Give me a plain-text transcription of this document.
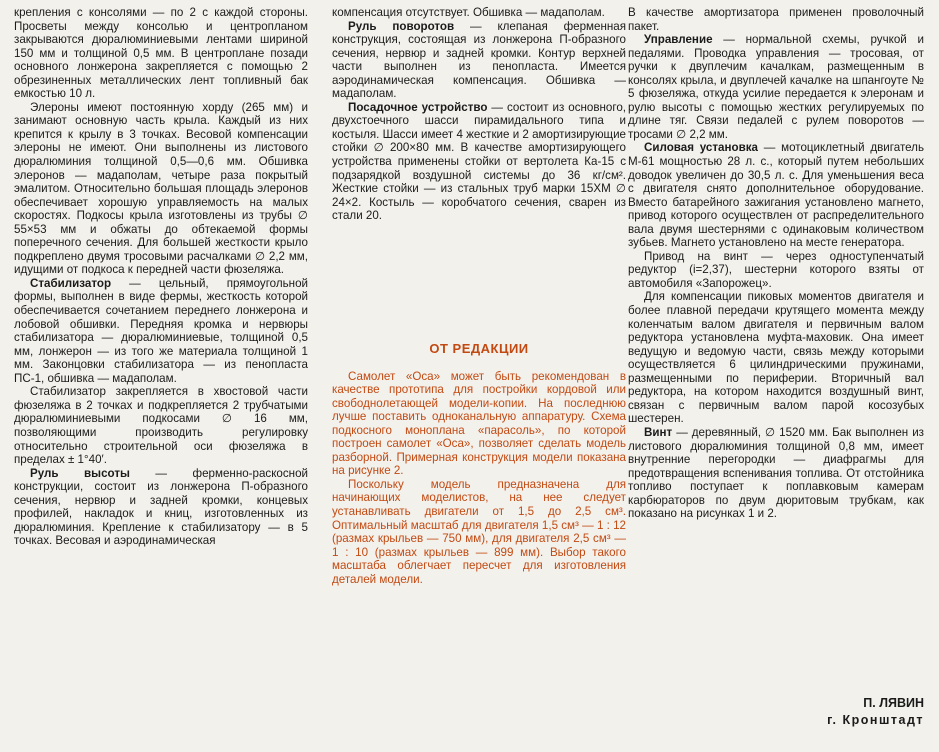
крепления с консолями — по 2 с каждой стороны. Просветы между консолью и центропланом закрываются дюралюминиевыми лентами шириной 150 мм и толщиной 0,5 мм. В центроплане позади основного лонжерона закрепляется с помощью 2 обрезиненных металлических лент топливный бак емкостью 10 л.

Элероны имеют постоянную хорду (265 мм) и занимают основную часть крыла. Каждый из них крепится к крылу в 3 точках. Весовой компенсации элероны не имеют. Они выполнены из листового дюралюминия толщиной 0,5—0,6 мм. Обшивка элеронов — мадаполам, четыре раза покрытый эмалитом. Относительно большая площадь элеронов обеспечивает хорошую управляемость на малых скоростях. Подкосы крыла изготовлены из трубы ∅ 55×53 мм и обжаты до обтекаемой формы поперечного сечения. Для большей жесткости крыло подкреплено двумя тросовыми расчалками ∅ 2,2 мм, идущими от подкоса к передней части фюзеляжа.

Стабилизатор — цельный, прямоугольной формы, выполнен в виде фермы, жесткость которой обеспечивается сочетанием переднего лонжерона и лобовой обшивки. Передняя кромка и нервюры стабилизатора — дюралюминиевые, толщиной 0,5 мм, лонжерон — из того же материала толщиной 1 мм. Законцовки стабилизатора — из пенопласта ПС-1, обшивка — мадаполам.

Стабилизатор закрепляется в хвостовой части фюзеляжа в 2 точках и подкрепляется 2 трубчатыми дюралюминиевыми подкосами ∅ 16 мм, позволяющими производить регулировку относительно строительной оси фюзеляжа в пределах ± 1°40′.

Руль высоты — ферменно-раскосной конструкции, состоит из лонжерона П-образного сечения, нервюр и задней кромки, концевых профилей, накладок и книц, изготовленных из дюралюминия. Крепление к стабилизатору — в 5 точках. Весовая и аэродинамическая

компенсация отсутствует. Обшивка — мадаполам.

Руль поворотов — клепаная ферменная конструкция, состоящая из лонжерона П-образного сечения, нервюр и задней кромки. Контур верхней части выполнен из пенопласта. Имеется аэродинамическая компенсация. Обшивка — мадаполам.

Посадочное устройство — состоит из основного, двухстоечного шасси пирамидального типа и костыля. Шасси имеет 4 жесткие и 2 амортизирующие стойки ∅ 200×80 мм. В качестве амортизирующего устройства применены стойки от вертолета Ка-15 с подзарядкой воздушной системы до 36 кг/см². Жесткие стойки — из стальных труб марки 15ХМ ∅ 24×2. Костыль — коробчатого сечения, сварен из стали 20.

ОТ РЕДАКЦИИ

Самолет «Оса» может быть рекомендован в качестве прототипа для постройки кордовой или свободнолетающей модели-копии. На последнюю лучше поставить одноканальную аппаратуру. Схема подкосного моноплана «парасоль», по которой построен самолет «Оса», позволяет сделать модель разборной. Примерная конструкция модели показана на рисунке 2.

Поскольку модель предназначена для начинающих моделистов, на нее следует устанавливать двигатели от 1,5 до 2,5 см³. Оптимальный масштаб для двигателя 1,5 см³ — 1 : 12 (размах крыльев — 750 мм), для двигателя 2,5 см³ — 1 : 10 (размах крыльев — 899 мм). Выбор такого масштаба облегчает пересчет для изготовления деталей модели.

В качестве амортизатора применен проволочный пакет.

Управление — нормальной схемы, ручкой и педалями. Проводка управления — тросовая, от ручки к двуплечим качалкам, размещенным в консолях крыла, и двуплечей качалке на шпангоуте № 5 фюзеляжа, откуда усилие передается к элеронам и рулю высоты с помощью жестких регулируемых по длине тяг. Связи педалей с рулем поворотов — тросами ∅ 2,2 мм.

Силовая установка — мотоциклетный двигатель М-61 мощностью 28 л. с., который путем небольших доводок увеличен до 30,5 л. с. Для уменьшения веса с двигателя снято дополнительное оборудование. Вместо батарейного зажигания установлено магнето, привод которого осуществлен от распределительного вала двумя шестернями с одинаковым количеством зубьев. Магнето установлено на месте генератора.

Привод на винт — через одноступенчатый редуктор (i=2,37), шестерни которого взяты от автомобиля «Запорожец».

Для компенсации пиковых моментов двигателя и более плавной передачи крутящего момента между коленчатым валом двигателя и первичным валом редуктора установлена муфта-маховик. Она имеет ведущую и ведомую части, связь между которыми осуществляется 6 цилиндрическими пружинами, размещенными по периферии. Вторичный вал редуктора, на котором находится воздушный винт, связан с первичным валом парой косозубых шестерен.

Винт — деревянный, ∅ 1520 мм. Бак выполнен из листового дюралюминия толщиной 0,8 мм, имеет внутренние перегородки — диафрагмы для предотвращения вспенивания топлива. От отстойника топливо поступает к поплавковым камерам карбюраторов по двум дюритовым трубкам, как показано на рисунках 1 и 2.

П. ЛЯВИН
г. Кронштадт
